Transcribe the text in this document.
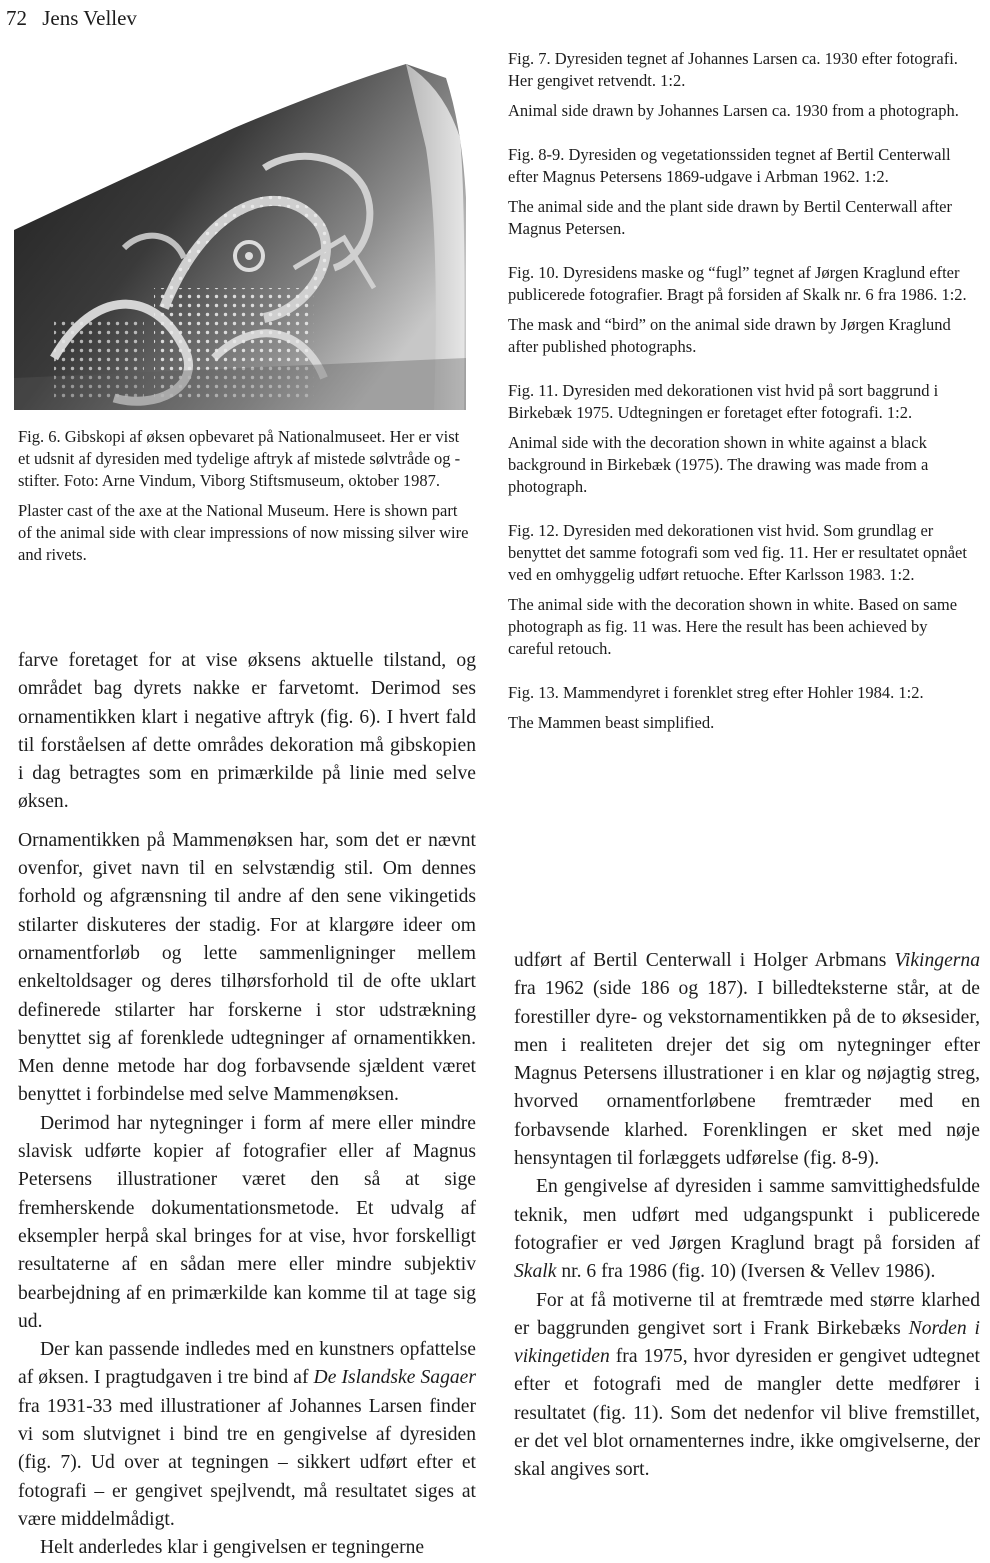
72 Jens Vellev

Fig. 6. Gibskopi af øksen opbevaret på Nationalmuseet. Her er vist et udsnit af dyresiden med tydelige aftryk af mistede sølvtråde og -stifter. Foto: Arne Vindum, Viborg Stiftsmuseum, oktober 1987.

Plaster cast of the axe at the National Museum. Here is shown part of the animal side with clear impressions of now missing silver wire and rivets.

Fig. 7. Dyresiden tegnet af Johannes Larsen ca. 1930 efter fotografi. Her gengivet retvendt. 1:2.

Animal side drawn by Johannes Larsen ca. 1930 from a photograph.

Fig. 8-9. Dyresiden og vegetationssiden tegnet af Bertil Centerwall efter Magnus Petersens 1869-udgave i Arbman 1962. 1:2.

The animal side and the plant side drawn by Bertil Centerwall after Magnus Petersen.

Fig. 10. Dyresidens maske og “fugl” tegnet af Jørgen Kraglund efter publicerede fotografier. Bragt på forsiden af Skalk nr. 6 fra 1986. 1:2.

The mask and “bird” on the animal side drawn by Jørgen Kraglund after published photographs.

Fig. 11. Dyresiden med dekorationen vist hvid på sort baggrund i Birkebæk 1975. Udtegningen er foretaget efter fotografi. 1:2.

Animal side with the decoration shown in white against a black background in Birkebæk (1975). The drawing was made from a photograph.

Fig. 12. Dyresiden med dekorationen vist hvid. Som grundlag er benyttet det samme fotografi som ved fig. 11. Her er resultatet opnået ved en omhyggelig udført retuoche. Efter Karlsson 1983. 1:2.

The animal side with the decoration shown in white. Based on same photograph as fig. 11 was. Here the result has been achieved by careful retouch.

Fig. 13. Mammendyret i forenklet streg efter Hohler 1984. 1:2.

The Mammen beast simplified.

farve foretaget for at vise øksens aktuelle tilstand, og området bag dyrets nakke er farvetomt. Derimod ses ornamentikken klart i negative aftryk (fig. 6). I hvert fald til forståelsen af dette områdes dekoration må gibskopien i dag betragtes som en primærkilde på linie med selve øksen.

Ornamentikken på Mammenøksen har, som det er nævnt ovenfor, givet navn til en selvstændig stil. Om dennes forhold og afgrænsning til andre af den sene vikingetids stilarter diskuteres der stadig. For at klargøre ideer om ornamentforløb og lette sammenligninger mellem enkeltoldsager og deres tilhørsforhold til de ofte uklart definerede stilarter har forskerne i stor udstrækning benyttet sig af forenklede udtegninger af ornamentikken. Men denne metode har dog forbavsende sjældent været benyttet i forbindelse med selve Mammenøksen.

Derimod har nytegninger i form af mere eller mindre slavisk udførte kopier af fotografier eller af Magnus Petersens illustrationer været den så at sige fremherskende dokumentationsmetode. Et udvalg af eksempler herpå skal bringes for at vise, hvor forskelligt resultaterne af en sådan mere eller mindre subjektiv bearbejdning af en primærkilde kan komme til at tage sig ud.

Der kan passende indledes med en kunstners opfattelse af øksen. I pragtudgaven i tre bind af De Islandske Sagaer fra 1931-33 med illustrationer af Johannes Larsen finder vi som slutvignet i bind tre en gengivelse af dyresiden (fig. 7). Ud over at tegningen – sikkert udført efter et fotografi – er gengivet spejlvendt, må resultatet siges at være middelmådigt.

Helt anderledes klar i gengivelsen er tegningerne

udført af Bertil Centerwall i Holger Arbmans Vikingerna fra 1962 (side 186 og 187). I billedteksterne står, at de forestiller dyre- og vekstornamentikken på de to øksesider, men i realiteten drejer det sig om nytegninger efter Magnus Petersens illustrationer i en klar og nøjagtig streg, hvorved ornamentforløbene fremtræder med en forbavsende klarhed. Forenklingen er sket med nøje hensyntagen til forlæggets udførelse (fig. 8-9).

En gengivelse af dyresiden i samme samvittighedsfulde teknik, men udført med udgangspunkt i publicerede fotografier er ved Jørgen Kraglund bragt på forsiden af Skalk nr. 6 fra 1986 (fig. 10) (Iversen & Vellev 1986).

For at få motiverne til at fremtræde med større klarhed er baggrunden gengivet sort i Frank Birkebæks Norden i vikingetiden fra 1975, hvor dyresiden er gengivet udtegnet efter et fotografi med de mangler dette medfører i resultatet (fig. 11). Som det nedenfor vil blive fremstillet, er det vel blot ornamenternes indre, ikke omgivelserne, der skal angives sort.
